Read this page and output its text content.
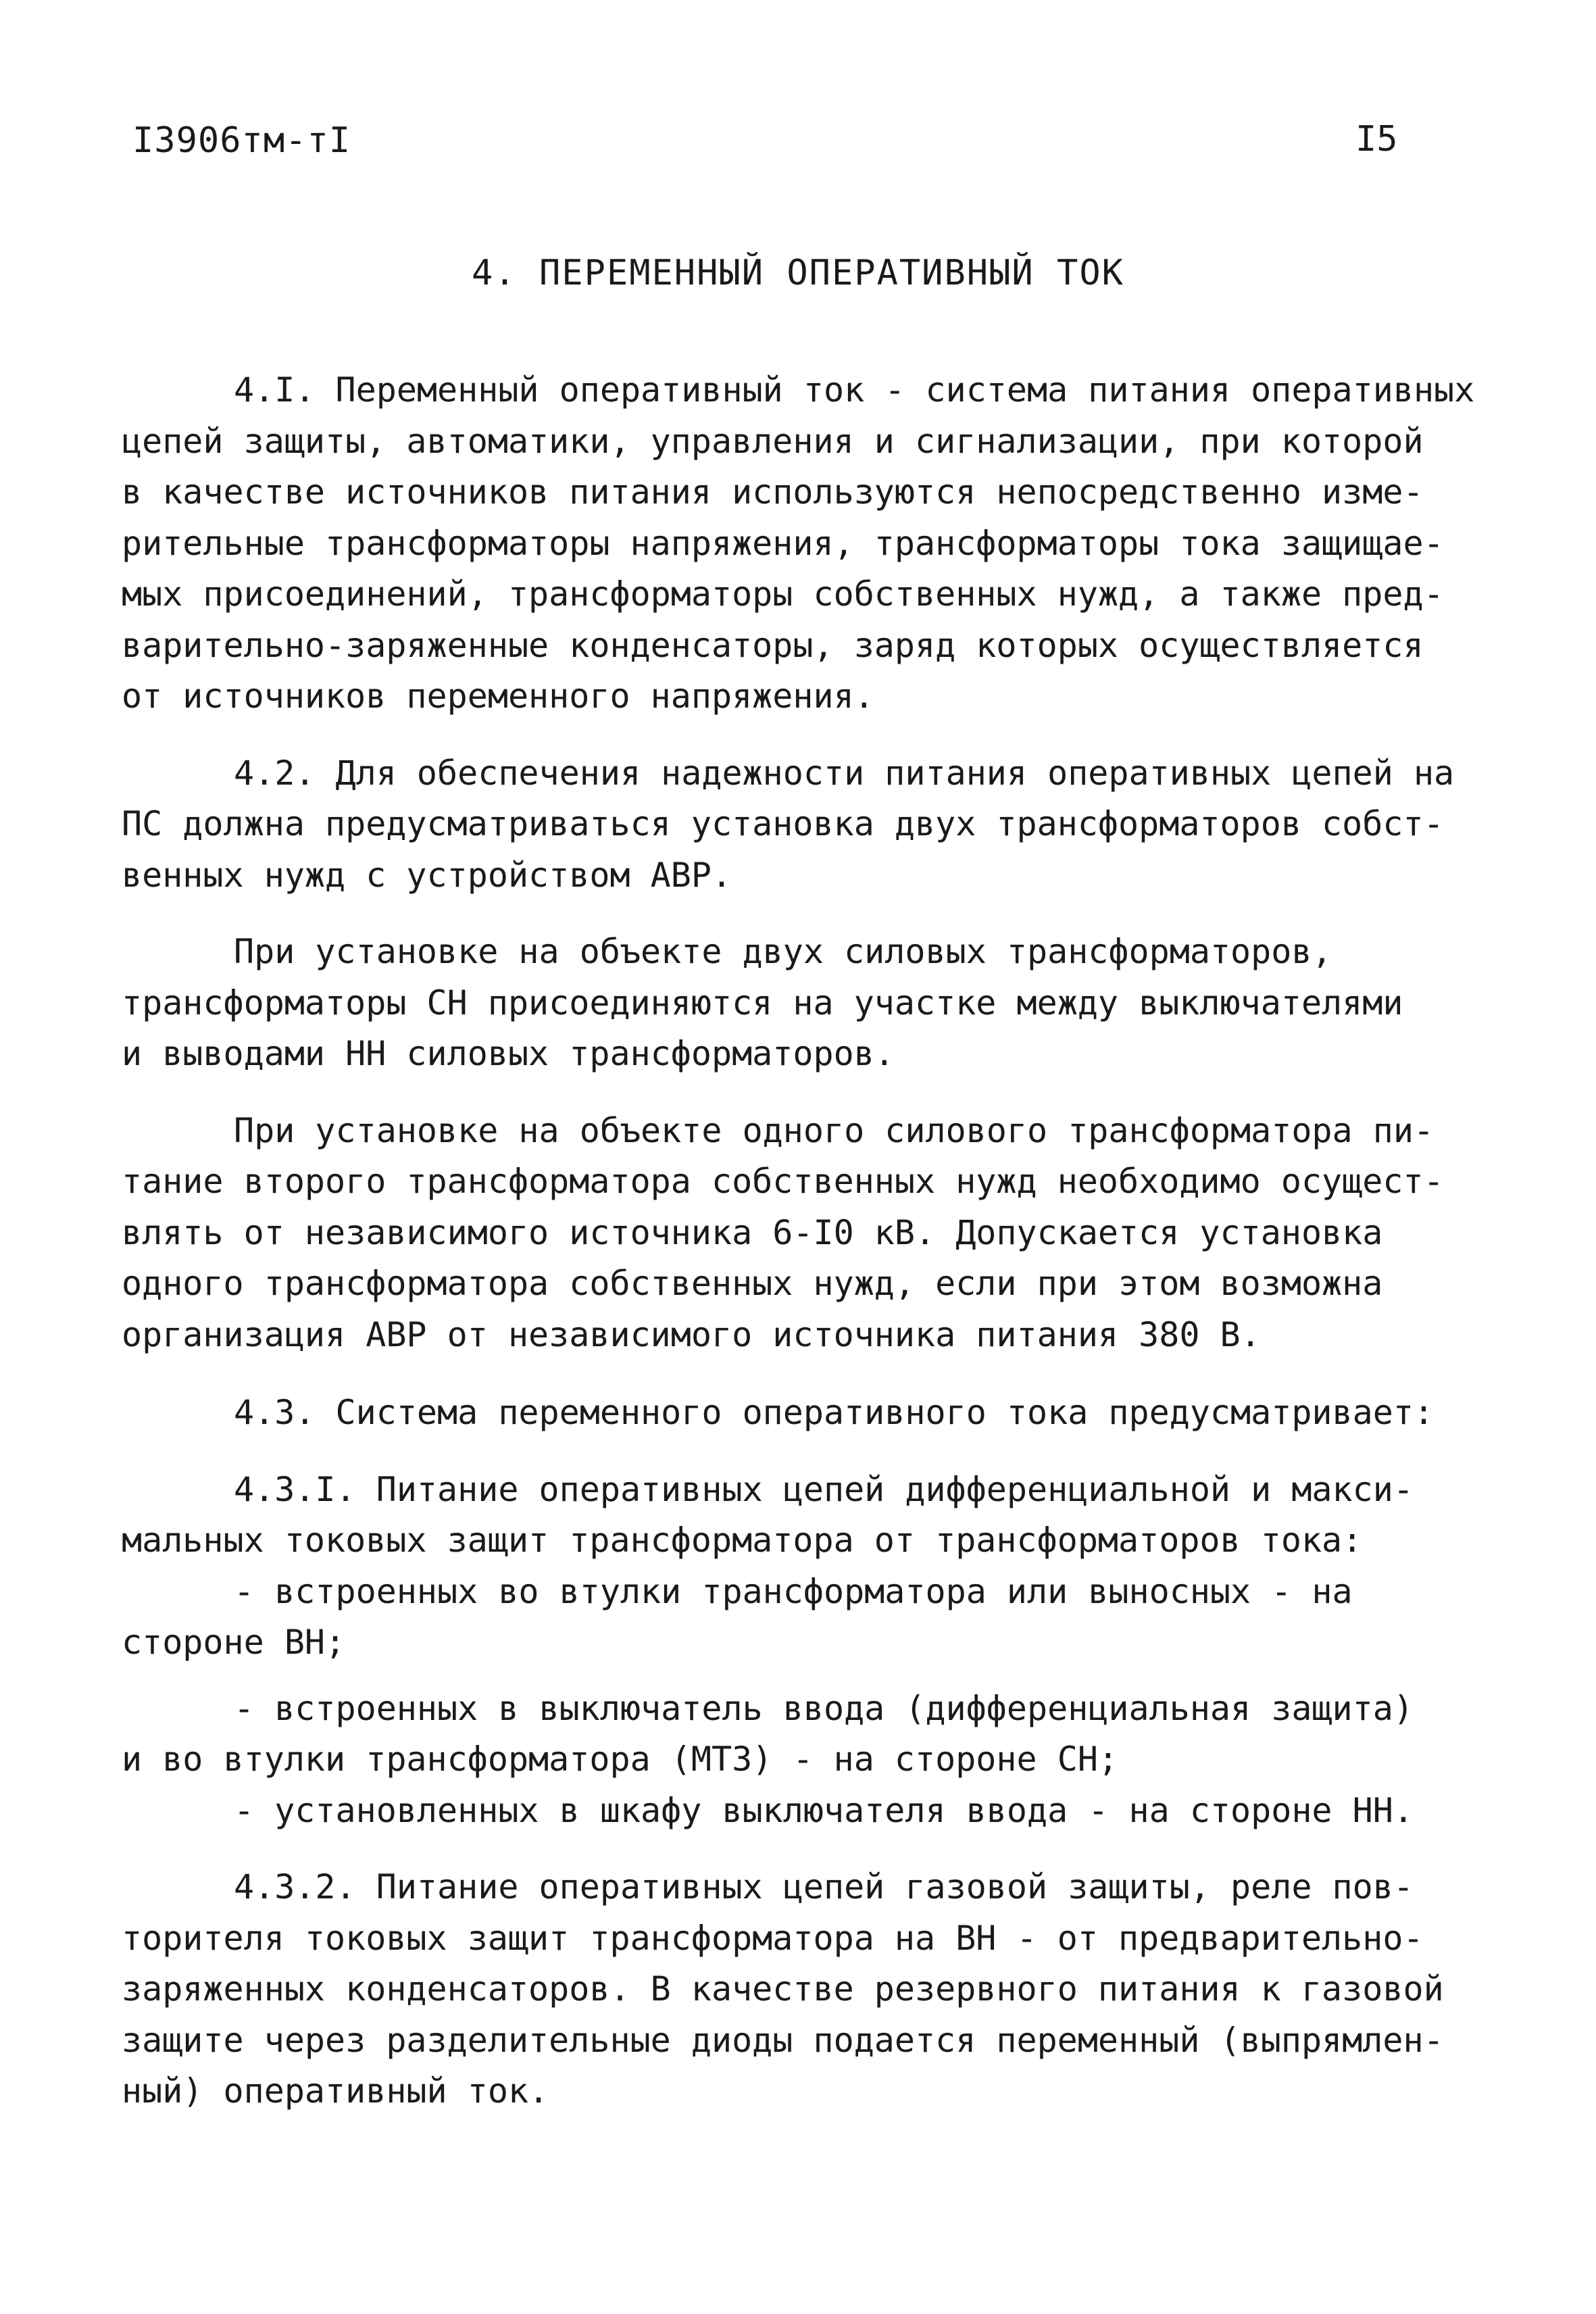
I3906тм-тI	I5
4. ПЕРЕМЕННЫЙ ОПЕРАТИВНЫЙ ТОК

4.I. Переменный оперативный ток - система питания оперативных
цепей защиты, автоматики, управления и сигнализации, при которой
в качестве источников питания используются непосредственно изме-
рительные трансформаторы напряжения, трансформаторы тока защищае-
мых присоединений, трансформаторы собственных нужд, а также пред-
варительно-заряженные конденсаторы, заряд которых осуществляется
от источников переменного напряжения.

4.2. Для обеспечения надежности питания оперативных цепей на
ПС должна предусматриваться установка двух трансформаторов собст-
венных нужд с устройством АВР.

При установке на объекте двух силовых трансформаторов,
трансформаторы СН присоединяются на участке между выключателями
и выводами НН силовых трансформаторов.

При установке на объекте одного силового трансформатора пи-
тание второго трансформатора собственных нужд необходимо осущест-
влять от независимого источника 6-I0 кВ. Допускается установка
одного трансформатора собственных нужд, если при этом возможна
организация АВР от независимого источника питания 380 В.

4.3. Система переменного оперативного тока предусматривает:

4.3.I. Питание оперативных цепей дифференциальной и макси-
мальных токовых защит трансформатора от трансформаторов тока:
- встроенных во втулки трансформатора или выносных - на
стороне ВН;

- встроенных в выключатель ввода (дифференциальная защита)
и во втулки трансформатора (МТЗ) - на стороне СН;
- установленных в шкафу выключателя ввода - на стороне НН.

4.3.2. Питание оперативных цепей газовой защиты, реле пов-
торителя токовых защит трансформатора на ВН - от предварительно-
заряженных конденсаторов. В качестве резервного питания к газовой
защите через разделительные диоды подается переменный (выпрямлен-
ный) оперативный ток.
